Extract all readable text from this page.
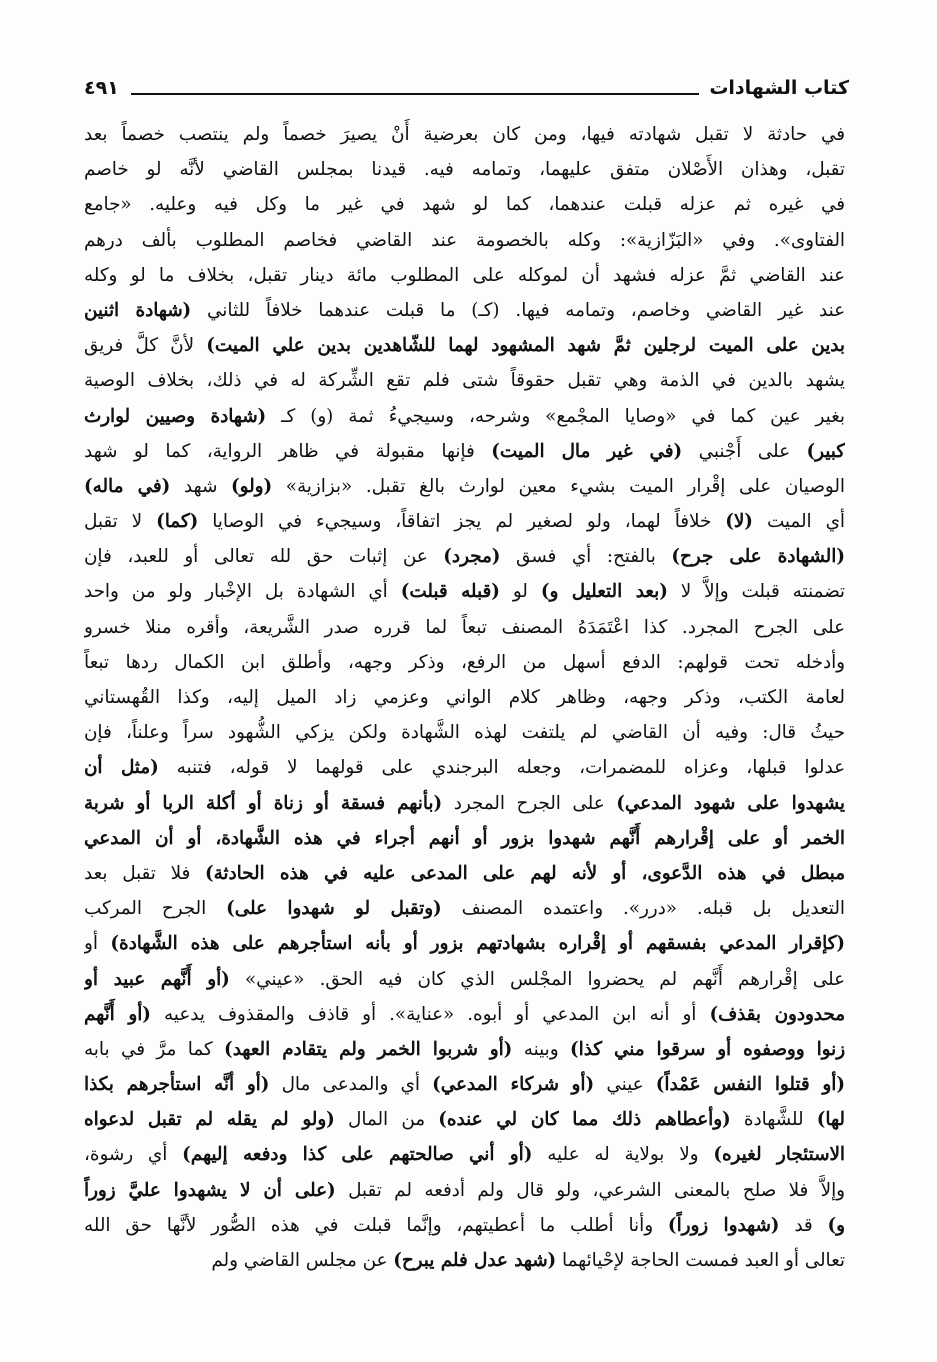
كتاب الشهادات
٤٩١
في حادثة لا تقبل شهادته فيها، ومن كان بعرضية أَنْ يصيرَ خصماً ولم ينتصب خصماً بعد
تقبل، وهذان الأَصْلان متفق عليهما، وتمامه فيه. قيدنا بمجلس القاضي لأنَّه لو خاصم
في غيره ثم عزله قبلت عندهما، كما لو شهد في غير ما وكل فيه وعليه. «جامع
الفتاوى». وفي «البَزّازية»: وكله بالخصومة عند القاضي فخاصم المطلوب بألف درهم
عند القاضي ثمَّ عزله فشهد أن لموكله على المطلوب مائة دينار تقبل، بخلاف ما لو وكله
عند غير القاضي وخاصم، وتمامه فيها. (كـ) ما قبلت عندهما خلافاً للثاني (شهادة اثنين
بدين على الميت لرجلين ثمَّ شهد المشهود لهما للشّاهدين بدين علي الميت) لأنَّ كلَّ فريق
يشهد بالدين في الذمة وهي تقبل حقوقاً شتى فلم تقع الشِّركة له في ذلك، بخلاف الوصية
بغير عين كما في «وصايا المجْمع» وشرحه، وسيجيءُ ثمة (و) كـ (شهادة وصيين لوارث
كبير) على أَجْنبي (في غير مال الميت) فإنها مقبولة في ظاهر الرواية، كما لو شهد
الوصيان على إقْرار الميت بشيء معين لوارث بالغ تقبل. «بزازية» (ولو) شهد (في ماله)
أي الميت (لا) خلافاً لهما، ولو لصغير لم يجز اتفاقاً، وسيجيء في الوصايا (كما) لا تقبل
(الشهادة على جرح) بالفتح: أي فسق (مجرد) عن إثبات حق لله تعالى أو للعبد، فإن
تضمنته قبلت وإلاَّ لا (بعد التعليل و) لو (قبله قبلت) أي الشهادة بل الإخْبار ولو من واحد
على الجرح المجرد. كذا اعْتَمَدَهُ المصنف تبعاً لما قرره صدر الشَّريعة، وأقره منلا خسرو
وأدخله تحت قولهم: الدفع أسهل من الرفع، وذكر وجهه، وأطلق ابن الكمال ردها تبعاً
لعامة الكتب، وذكر وجهه، وظاهر كلام الواني وعزمي زاد الميل إليه، وكذا القُهستاني
حيثُ قال: وفيه أن القاضي لم يلتفت لهذه الشَّهادة ولكن يزكي الشُّهود سراً وعلناً، فإن
عدلوا قبلها، وعزاه للمضمرات، وجعله البرجندي على قولهما لا قوله، فتنبه (مثل أن
يشهدوا على شهود المدعي) على الجرح المجرد (بأنهم فسقة أو زناة أو أكلة الربا أو شربة
الخمر أو على إقْرارهم أَنَّهم شهدوا بزور أو أنهم أجراء في هذه الشَّهادة، أو أن المدعي
مبطل في هذه الدَّعوى، أو لأنه لهم على المدعى عليه في هذه الحادثة) فلا تقبل بعد
التعديل بل قبله. «درر». واعتمده المصنف (وتقبل لو شهدوا على) الجرح المركب
(كإقرار المدعي بفسقهم أو إقْراره بشهادتهم بزور أو بأنه استأجرهم على هذه الشَّهادة) أو
على إقْرارهم أَنَّهم لم يحضروا المجْلس الذي كان فيه الحق. «عيني» (أو أَنَّهم عبيد أو
محدودون بقذف) أو أنه ابن المدعي أو أبوه. «عناية». أو قاذف والمقذوف يدعيه (أو أَنَّهم
زنوا ووصفوه أو سرقوا مني كذا) وبينه (أو شربوا الخمر ولم يتقادم العهد) كما مرَّ في بابه
(أو قتلوا النفس عَمْداً) عيني (أو شركاء المدعي) أي والمدعى مال (أو أنَّه استأجرهم بكذا
لها) للشَّهادة (وأعطاهم ذلك مما كان لي عنده) من المال (ولو لم يقله لم تقبل لدعواه
الاستئجار لغيره) ولا بولاية له عليه (أو أني صالحتهم على كذا ودفعه إليهم) أي رشوة،
وإلاَّ فلا صلح بالمعنى الشرعي، ولو قال ولم أدفعه لم تقبل (على أن لا يشهدوا عليَّ زوراً
و) قد (شهدوا زوراً) وأنا أطلب ما أعطيتهم، وإنَّما قبلت في هذه الصُّور لأنَّها حق الله
تعالى أو العبد فمست الحاجة لإحْيائهما (شهد عدل فلم يبرح) عن مجلس القاضي ولم
